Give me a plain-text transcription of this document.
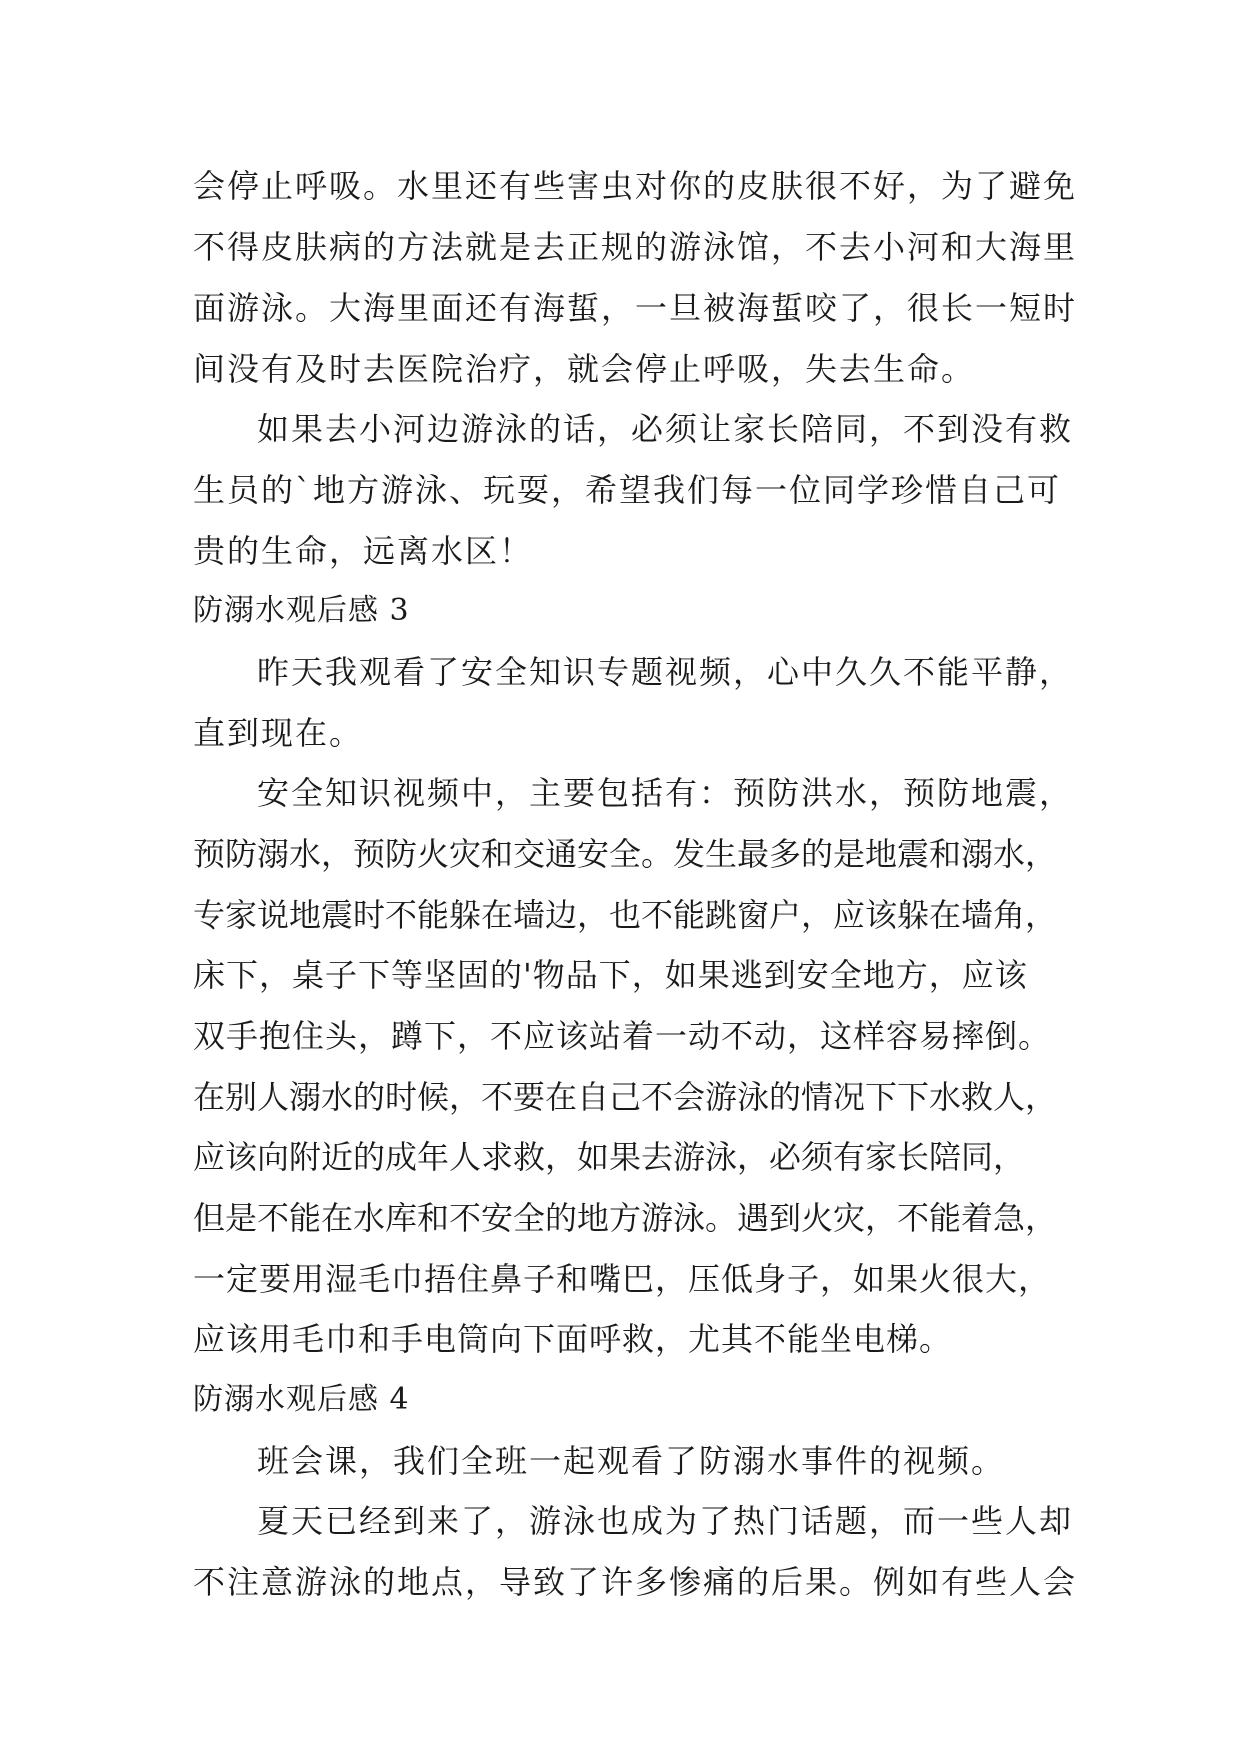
会停止呼吸。水里还有些害虫对你的皮肤很不好，为了避免

不得皮肤病的方法就是去正规的游泳馆，不去小河和大海里

面游泳。大海里面还有海蜇，一旦被海蜇咬了，很长一短时

间没有及时去医院治疗，就会停止呼吸，失去生命。

如果去小河边游泳的话，必须让家长陪同，不到没有救

生员的`地方游泳、玩耍，希望我们每一位同学珍惜自己可

贵的生命，远离水区！

防溺水观后感 3

昨天我观看了安全知识专题视频，心中久久不能平静，

直到现在。

安全知识视频中，主要包括有：预防洪水，预防地震，

预防溺水，预防火灾和交通安全。发生最多的是地震和溺水，

专家说地震时不能躲在墙边，也不能跳窗户，应该躲在墙角，

床下，桌子下等坚固的'物品下，如果逃到安全地方，应该

双手抱住头，蹲下，不应该站着一动不动，这样容易摔倒。

在别人溺水的时候，不要在自己不会游泳的情况下下水救人，

应该向附近的成年人求救，如果去游泳，必须有家长陪同，

但是不能在水库和不安全的地方游泳。遇到火灾，不能着急，

一定要用湿毛巾捂住鼻子和嘴巴，压低身子，如果火很大，

应该用毛巾和手电筒向下面呼救，尤其不能坐电梯。

防溺水观后感 4

班会课，我们全班一起观看了防溺水事件的视频。

夏天已经到来了，游泳也成为了热门话题，而一些人却

不注意游泳的地点，导致了许多惨痛的后果。例如有些人会
